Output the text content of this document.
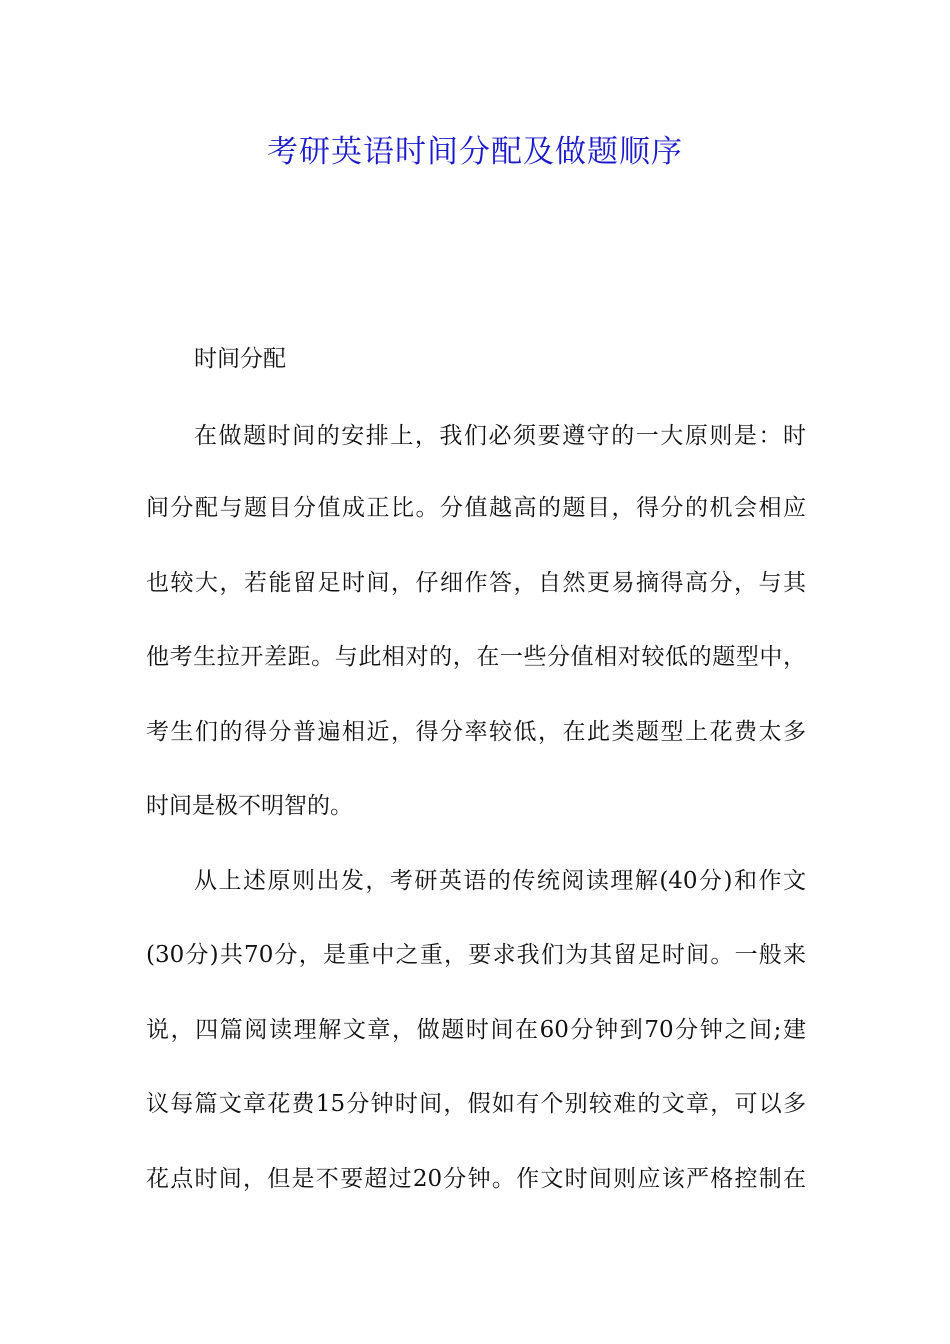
考研英语时间分配及做题顺序

时间分配

在做题时间的安排上，我们必须要遵守的一大原则是：时

间分配与题目分值成正比。分值越高的题目，得分的机会相应

也较大，若能留足时间，仔细作答，自然更易摘得高分，与其

他考生拉开差距。与此相对的，在一些分值相对较低的题型中，

考生们的得分普遍相近，得分率较低，在此类题型上花费太多

时间是极不明智的。

从上述原则出发，考研英语的传统阅读理解(40分)和作文

(30分)共70分，是重中之重，要求我们为其留足时间。一般来

说，四篇阅读理解文章，做题时间在60分钟到70分钟之间;建

议每篇文章花费15分钟时间，假如有个别较难的文章，可以多

花点时间，但是不要超过20分钟。作文时间则应该严格控制在
